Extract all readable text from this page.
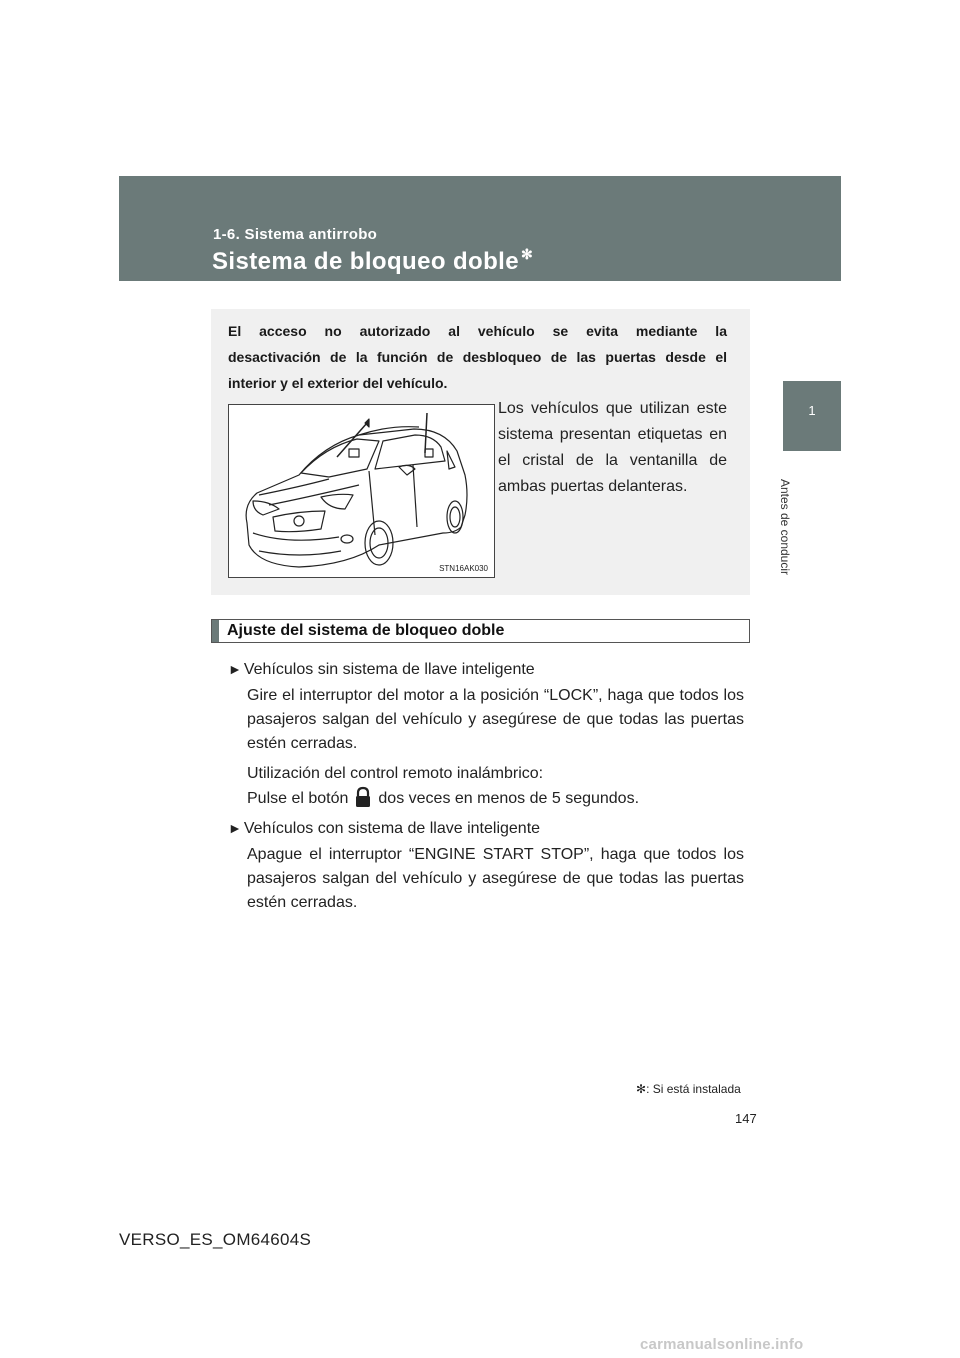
1-6. Sistema antirrobo
Sistema de bloqueo doble ✻
1
Antes de conducir
El acceso no autorizado al vehículo se evita mediante la
desactivación de la función de desbloqueo de las puertas desde el
interior y el exterior del vehículo.
STN16AK030
Los vehículos que utilizan este sistema presentan etiquetas en el cristal de la ventanilla de ambas puertas delanteras.
Ajuste del sistema de bloqueo doble
► Vehículos sin sistema de llave inteligente
Gire el interruptor del motor a la posición “LOCK”, haga que todos los pasajeros salgan del vehículo y asegúrese de que todas las puertas estén cerradas.
Utilización del control remoto inalámbrico:
Pulse el botón dos veces en menos de 5 segundos.
► Vehículos con sistema de llave inteligente
Apague el interruptor “ENGINE START STOP”, haga que todos los pasajeros salgan del vehículo y asegúrese de que todas las puertas estén cerradas.
✻: Si está instalada
147
VERSO_ES_OM64604S
carmanualsonline.info
